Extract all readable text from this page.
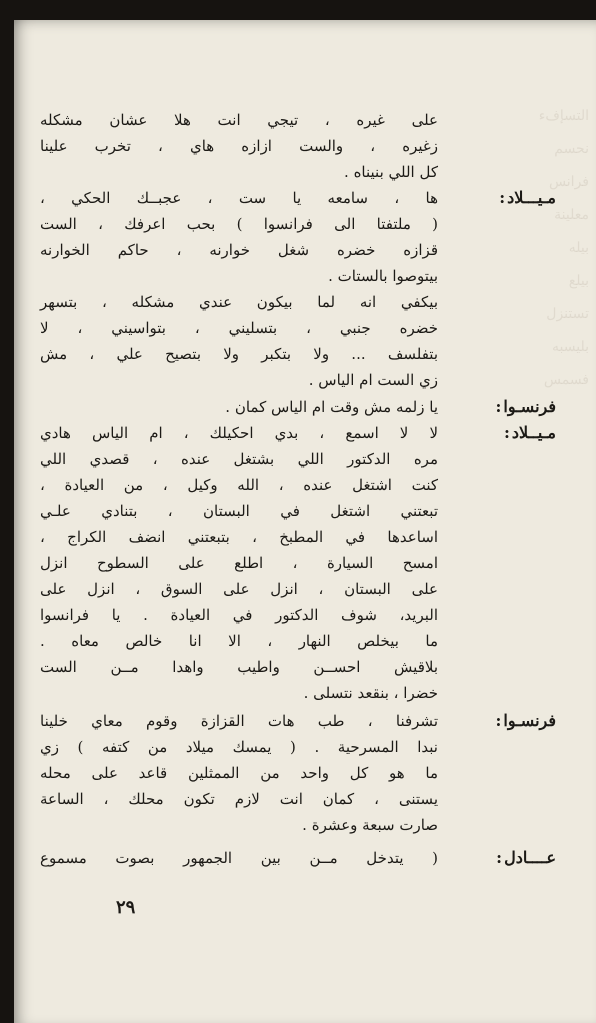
التسإفء
نحسم
فرانس
معلينة
بيله
بيلع
تستنزل
بليسبه
فسمس
على غيره ، تيجي انت هلا عشان مشكله
زغيره ، والست ازازه هاي ، تخرب علينا
كل اللي بنيناه .
مـيـــلاد
:
ها ، سامعه يا ست ، عجبــك الحكي ،
( ملتفتا الى فرانسوا ) بحب اعرفك ، الست
قزازه خضره شغل خوارنه ، حاكم الخوارنه
بيتوصوا بالستات .
بيكفي انه لما بيكون عندي مشكله ، بتسهر
خضره جنبي ، بتسليني ، بتواسيني ، لا
بتفلسف ... ولا بتكبر ولا بتصيح علي ، مش
زي الست ام الياس .
فرنسـوا
:
يا زلمه مش وقت ام الياس كمان .
مـيــلاد
:
لا لا اسمع ، بدي احكيلك ، ام الياس هادي
مره الدكتور اللي بشتغل عنده ، قصدي اللي
كنت اشتغل عنده ، الله وكيل ، من العيادة ،
تبعتني اشتغل في البستان ، بتنادي علـي
اساعدها في المطبخ ، بتبعتني انضف الكراج ،
امسح السيارة ، اطلع على السطوح انزل
على البستان ، انزل على السوق ، انزل على
البريد، شوف الدكتور في العيادة . يا فرانسوا
ما بيخلص النهار ، الا انا خالص معاه .
بلاقيش احســن واطيب واهدا مــن الست
خضرا ، بنقعد نتسلى .
فرنسـوا
:
تشرفنا ، طب هات القزازة وقوم معاي خلينا
نبدا المسرحية . ( يمسك ميلاد من كتفه ) زي
ما هو كل واحد من الممثلين قاعد على محله
يستنى ، كمان انت لازم تكون محلك ، الساعة
صارت سبعة وعشرة .
عــــادل
:
( يتدخل مــن بين الجمهور بصوت مسموع
٢٩
